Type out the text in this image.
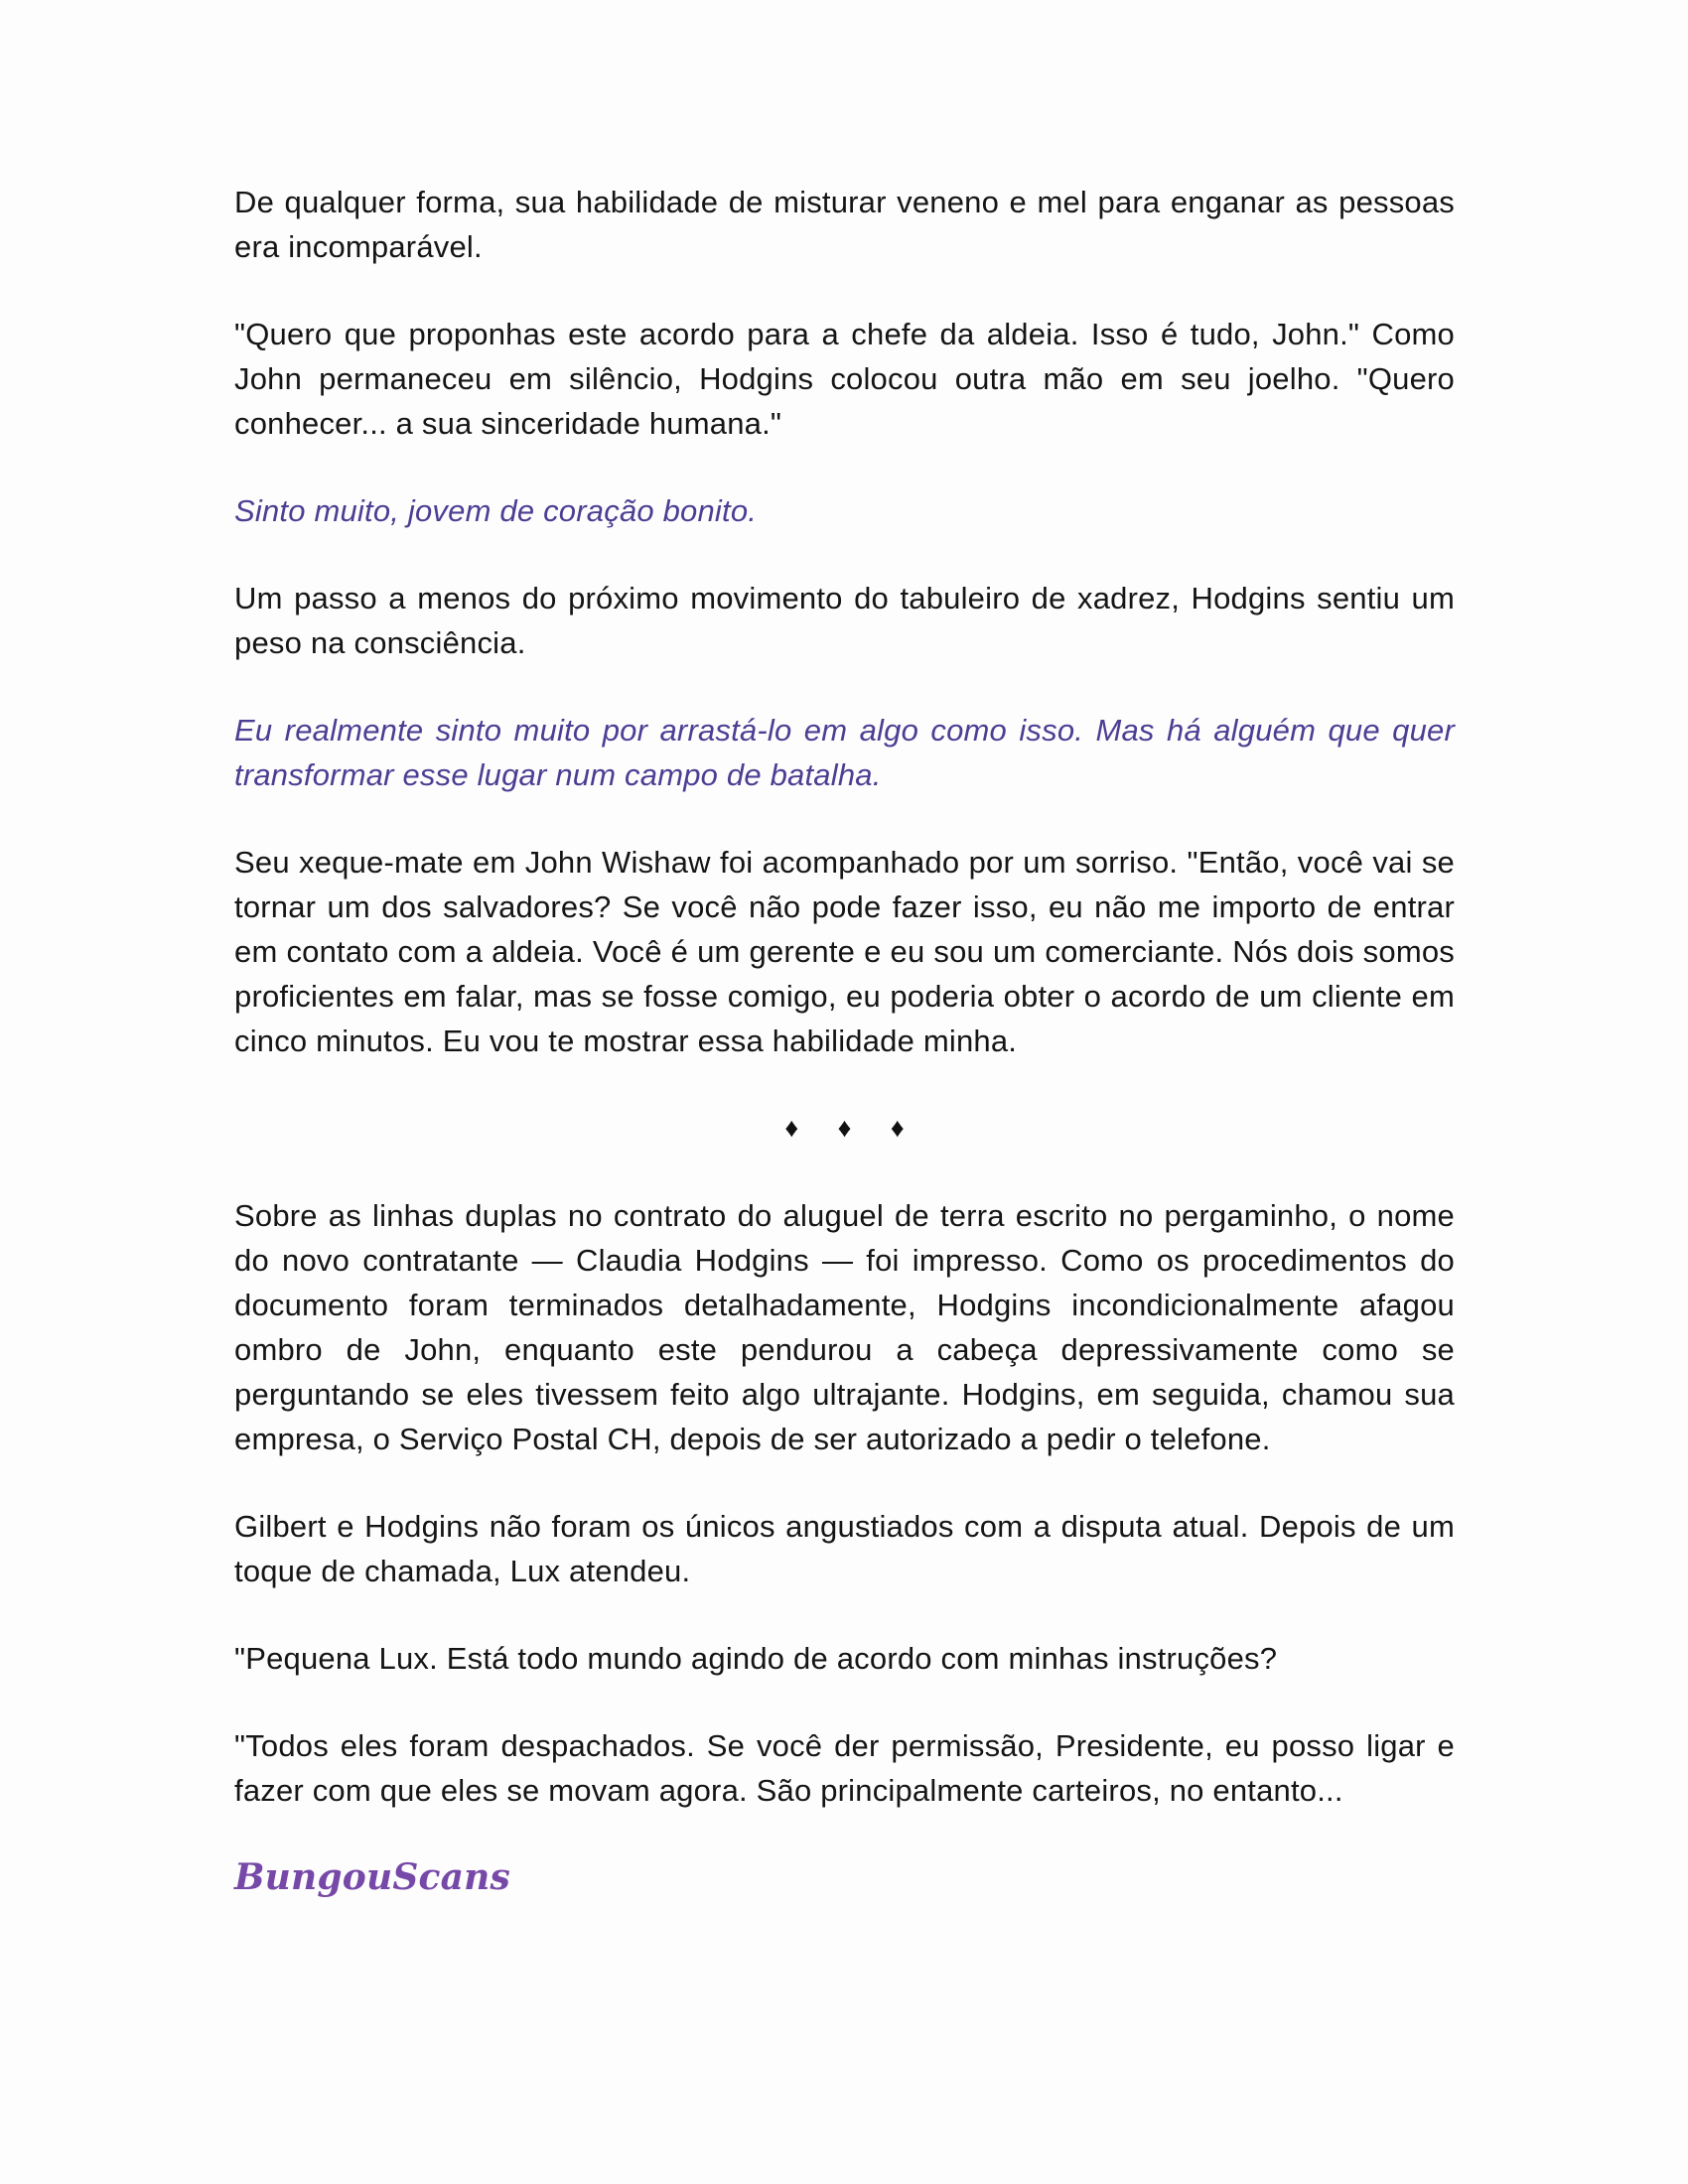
De qualquer forma, sua habilidade de misturar veneno e mel para enganar as pessoas era incomparável.

"Quero que proponhas este acordo para a chefe da aldeia. Isso é tudo, John." Como John permaneceu em silêncio, Hodgins colocou outra mão em seu joelho. "Quero conhecer... a sua sinceridade humana."

Sinto muito, jovem de coração bonito.

Um passo a menos do próximo movimento do tabuleiro de xadrez, Hodgins sentiu um peso na consciência.

Eu realmente sinto muito por arrastá-lo em algo como isso. Mas há alguém que quer transformar esse lugar num campo de batalha.

Seu xeque-mate em John Wishaw foi acompanhado por um sorriso. "Então, você vai se tornar um dos salvadores? Se você não pode fazer isso, eu não me importo de entrar em contato com a aldeia. Você é um gerente e eu sou um comerciante. Nós dois somos proficientes em falar, mas se fosse comigo, eu poderia obter o acordo de um cliente em cinco minutos. Eu vou te mostrar essa habilidade minha.

♦ ♦ ♦

Sobre as linhas duplas no contrato do aluguel de terra escrito no pergaminho, o nome do novo contratante — Claudia Hodgins — foi impresso. Como os procedimentos do documento foram terminados detalhadamente, Hodgins incondicionalmente afagou ombro de John, enquanto este pendurou a cabeça depressivamente como se perguntando se eles tivessem feito algo ultrajante. Hodgins, em seguida, chamou sua empresa, o Serviço Postal CH, depois de ser autorizado a pedir o telefone.

Gilbert e Hodgins não foram os únicos angustiados com a disputa atual. Depois de um toque de chamada, Lux atendeu.

"Pequena Lux. Está todo mundo agindo de acordo com minhas instruções?

"Todos eles foram despachados. Se você der permissão, Presidente, eu posso ligar e fazer com que eles se movam agora. São principalmente carteiros, no entanto...

BungouScans
